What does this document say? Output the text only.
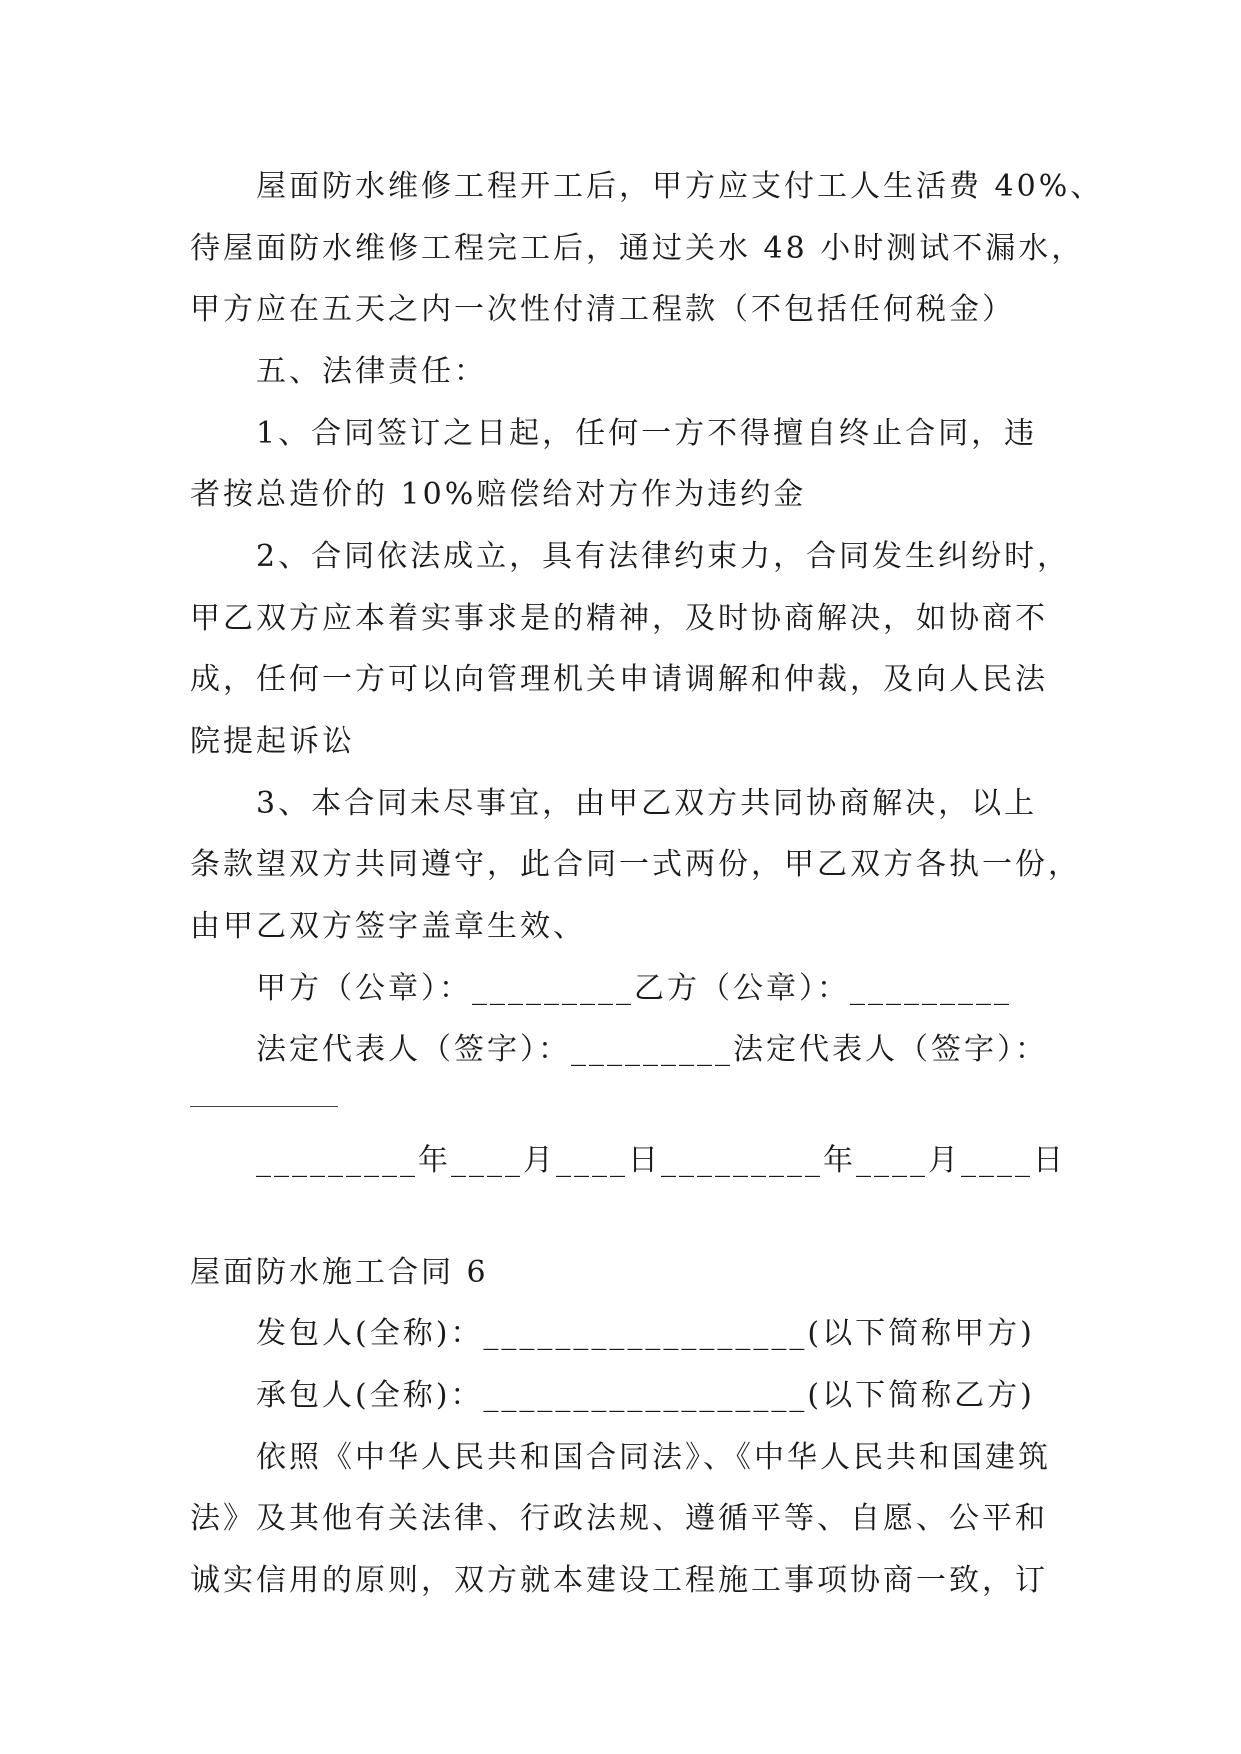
屋面防水维修工程开工后，甲方应支付工人生活费 40%、
待屋面防水维修工程完工后，通过关水 48 小时测试不漏水，
甲方应在五天之内一次性付清工程款（不包括任何税金）
五、法律责任：
1、合同签订之日起，任何一方不得擅自终止合同，违
者按总造价的 10%赔偿给对方作为违约金
2、合同依法成立，具有法律约束力，合同发生纠纷时，
甲乙双方应本着实事求是的精神，及时协商解决，如协商不
成，任何一方可以向管理机关申请调解和仲裁，及向人民法
院提起诉讼
3、本合同未尽事宜，由甲乙双方共同协商解决，以上
条款望双方共同遵守，此合同一式两份，甲乙双方各执一份，
由甲乙双方签字盖章生效、
甲方（公章）：_________乙方（公章）：_________
法定代表人（签字）：_________法定代表人（签字）：
_________年____月____日_________年____月____日
屋面防水施工合同 6
发包人(全称)：__________________(以下简称甲方)
承包人(全称)：__________________(以下简称乙方)
依照《中华人民共和国合同法》、《中华人民共和国建筑
法》及其他有关法律、行政法规、遵循平等、自愿、公平和
诚实信用的原则，双方就本建设工程施工事项协商一致，订
